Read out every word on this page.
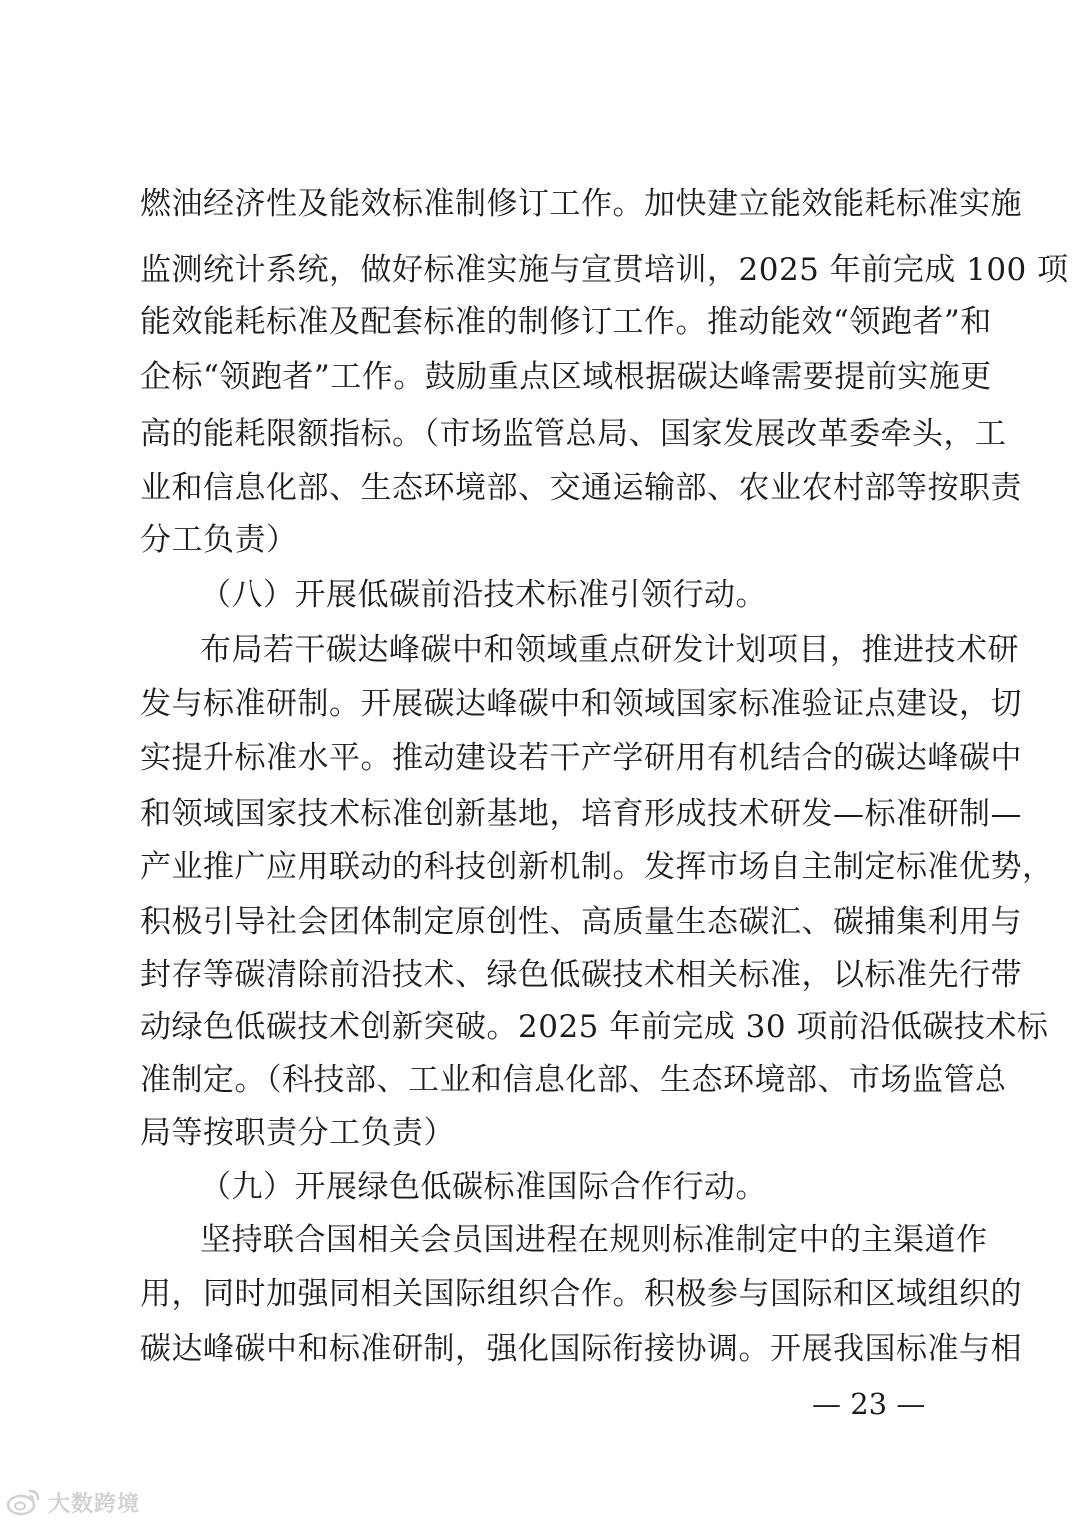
燃油经济性及能效标准制修订工作。加快建立能效能耗标准实施
监测统计系统，做好标准实施与宣贯培训，2025 年前完成 100 项
能效能耗标准及配套标准的制修订工作。推动能效“领跑者”和
企标“领跑者”工作。鼓励重点区域根据碳达峰需要提前实施更
高的能耗限额指标。（市场监管总局、国家发展改革委牵头，工
业和信息化部、生态环境部、交通运输部、农业农村部等按职责
分工负责）
（八）开展低碳前沿技术标准引领行动。
布局若干碳达峰碳中和领域重点研发计划项目，推进技术研
发与标准研制。开展碳达峰碳中和领域国家标准验证点建设，切
实提升标准水平。推动建设若干产学研用有机结合的碳达峰碳中
和领域国家技术标准创新基地，培育形成技术研发—标准研制—
产业推广应用联动的科技创新机制。发挥市场自主制定标准优势，
积极引导社会团体制定原创性、高质量生态碳汇、碳捕集利用与
封存等碳清除前沿技术、绿色低碳技术相关标准，以标准先行带
动绿色低碳技术创新突破。2025 年前完成 30 项前沿低碳技术标
准制定。（科技部、工业和信息化部、生态环境部、市场监管总
局等按职责分工负责）
（九）开展绿色低碳标准国际合作行动。
坚持联合国相关会员国进程在规则标准制定中的主渠道作
用，同时加强同相关国际组织合作。积极参与国际和区域组织的
碳达峰碳中和标准研制，强化国际衔接协调。开展我国标准与相
— 23 —
大数跨境
